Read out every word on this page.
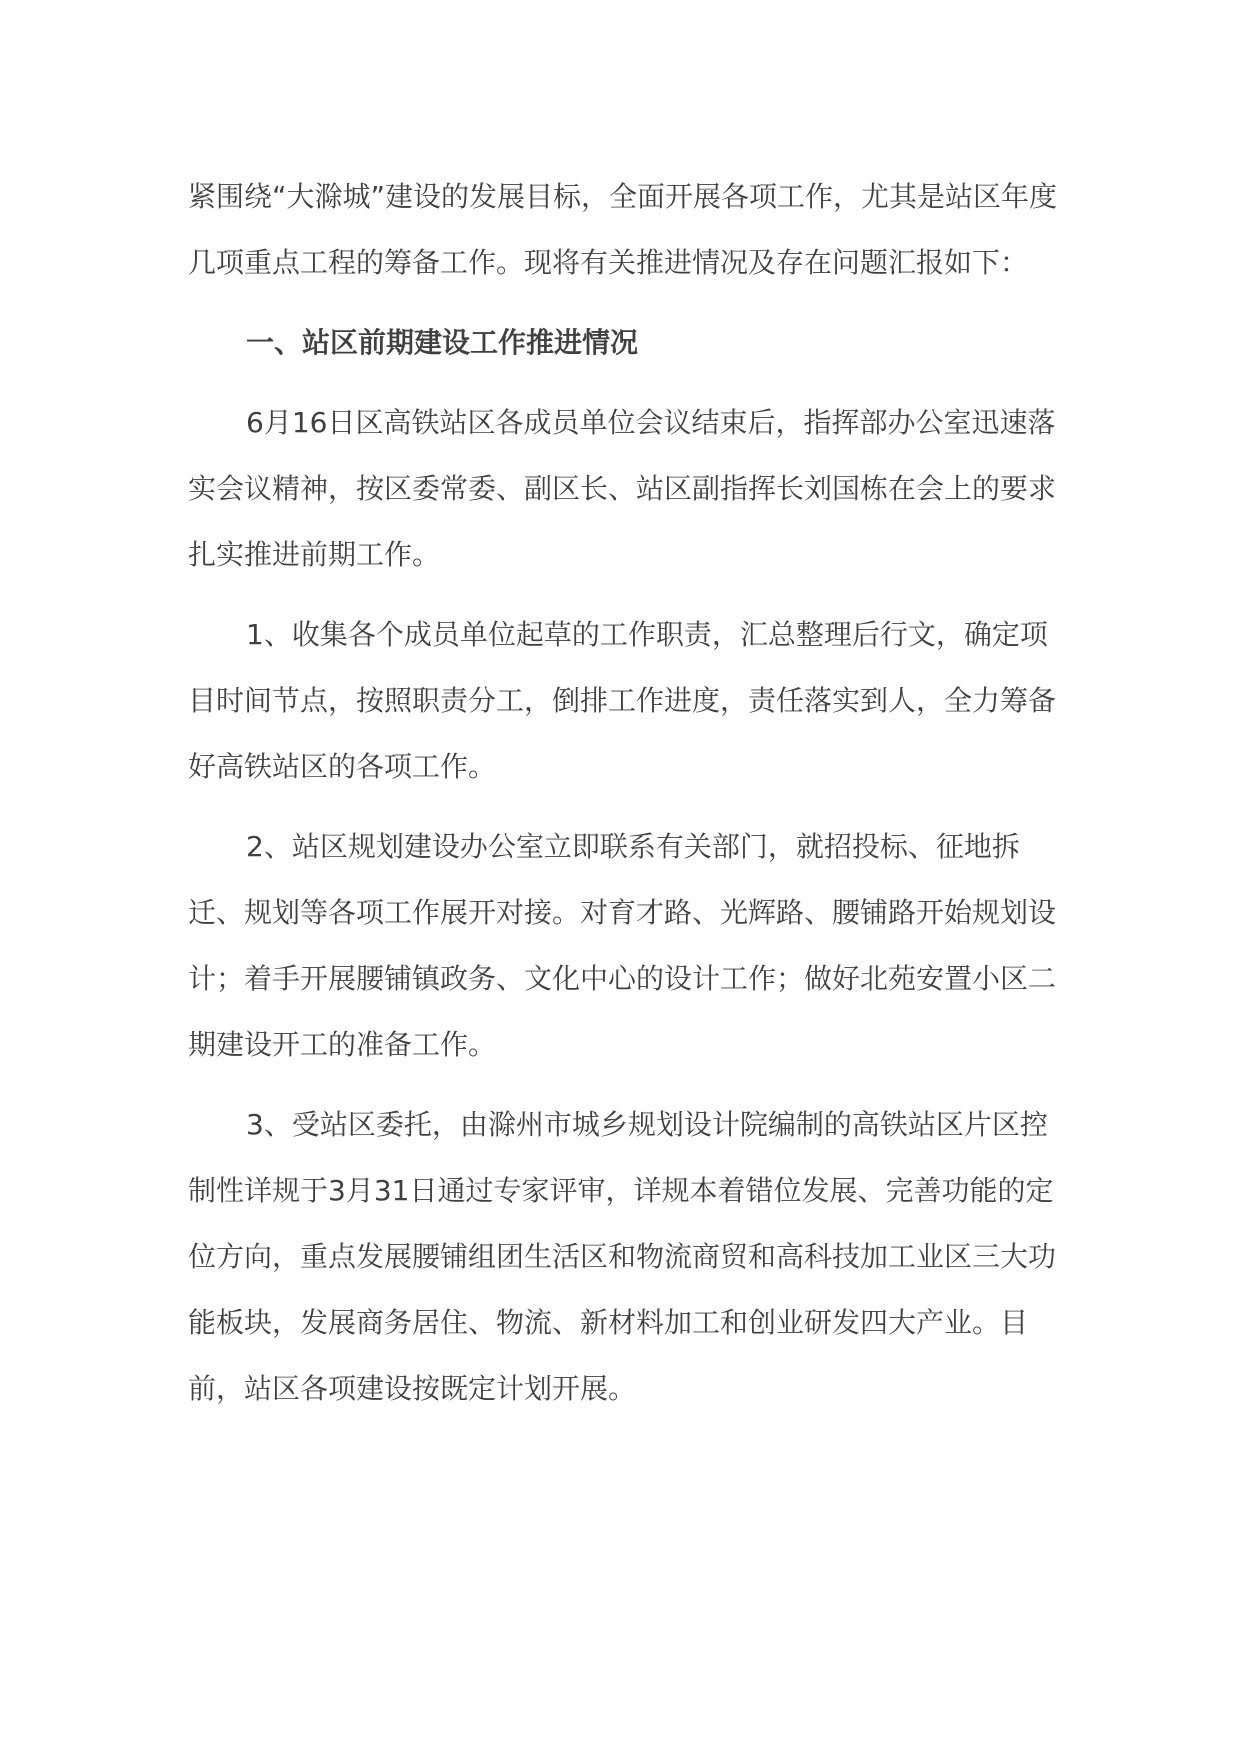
紧围绕“大滁城”建设的发展目标，全面开展各项工作，尤其是站区年度几项重点工程的筹备工作。现将有关推进情况及存在问题汇报如下：

一、站区前期建设工作推进情况

6月16日区高铁站区各成员单位会议结束后，指挥部办公室迅速落实会议精神，按区委常委、副区长、站区副指挥长刘国栋在会上的要求扎实推进前期工作。

1、收集各个成员单位起草的工作职责，汇总整理后行文，确定项目时间节点，按照职责分工，倒排工作进度，责任落实到人，全力筹备好高铁站区的各项工作。

2、站区规划建设办公室立即联系有关部门，就招投标、征地拆迁、规划等各项工作展开对接。对育才路、光辉路、腰铺路开始规划设计；着手开展腰铺镇政务、文化中心的设计工作；做好北苑安置小区二期建设开工的准备工作。

3、受站区委托，由滁州市城乡规划设计院编制的高铁站区片区控制性详规于3月31日通过专家评审，详规本着错位发展、完善功能的定位方向，重点发展腰铺组团生活区和物流商贸和高科技加工业区三大功能板块，发展商务居住、物流、新材料加工和创业研发四大产业。目前，站区各项建设按既定计划开展。
